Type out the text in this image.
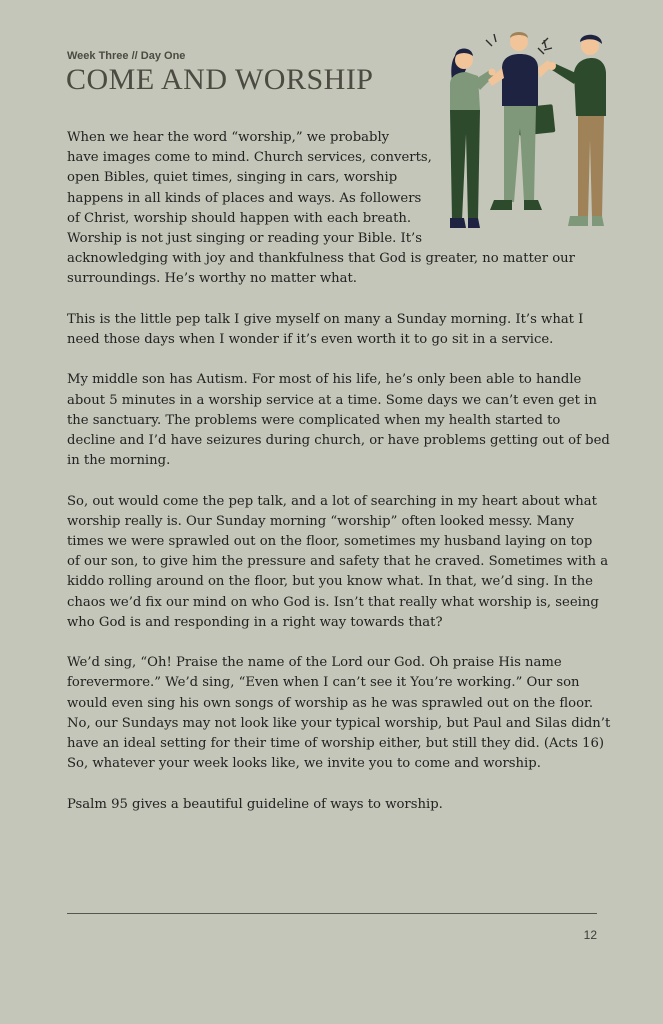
Week Three // Day One

COME AND WORSHIP

When we hear the word “worship,” we probably
have images come to mind. Church services, converts,
open Bibles, quiet times, singing in cars, worship
happens in all kinds of places and ways. As followers
of Christ, worship should happen with each breath.
Worship is not just singing or reading your Bible. It’s
acknowledging with joy and thankfulness that God is greater, no matter our
surroundings. He’s worthy no matter what.

This is the little pep talk I give myself on many a Sunday morning. It’s what I
need those days when I wonder if it’s even worth it to go sit in a service.

My middle son has Autism. For most of his life, he’s only been able to handle
about 5 minutes in a worship service at a time. Some days we can’t even get in
the sanctuary. The problems were complicated when my health started to
decline and I’d have seizures during church, or have problems getting out of bed
in the morning.

So, out would come the pep talk, and a lot of searching in my heart about what
worship really is. Our Sunday morning “worship” often looked messy. Many
times we were sprawled out on the floor, sometimes my husband laying on top
of our son, to give him the pressure and safety that he craved. Sometimes with a
kiddo rolling around on the floor, but you know what. In that, we’d sing. In the
chaos we’d fix our mind on who God is. Isn’t that really what worship is, seeing
who God is and responding in a right way towards that?

We’d sing, “Oh! Praise the name of the Lord our God. Oh praise His name
forevermore.” We’d sing, “Even when I can’t see it You’re working.” Our son
would even sing his own songs of worship as he was sprawled out on the floor.
No, our Sundays may not look like your typical worship, but Paul and Silas didn’t
have an ideal setting for their time of worship either, but still they did. (Acts 16)
So, whatever your week looks like, we invite you to come and worship.

Psalm 95 gives a beautiful guideline of ways to worship.

12
